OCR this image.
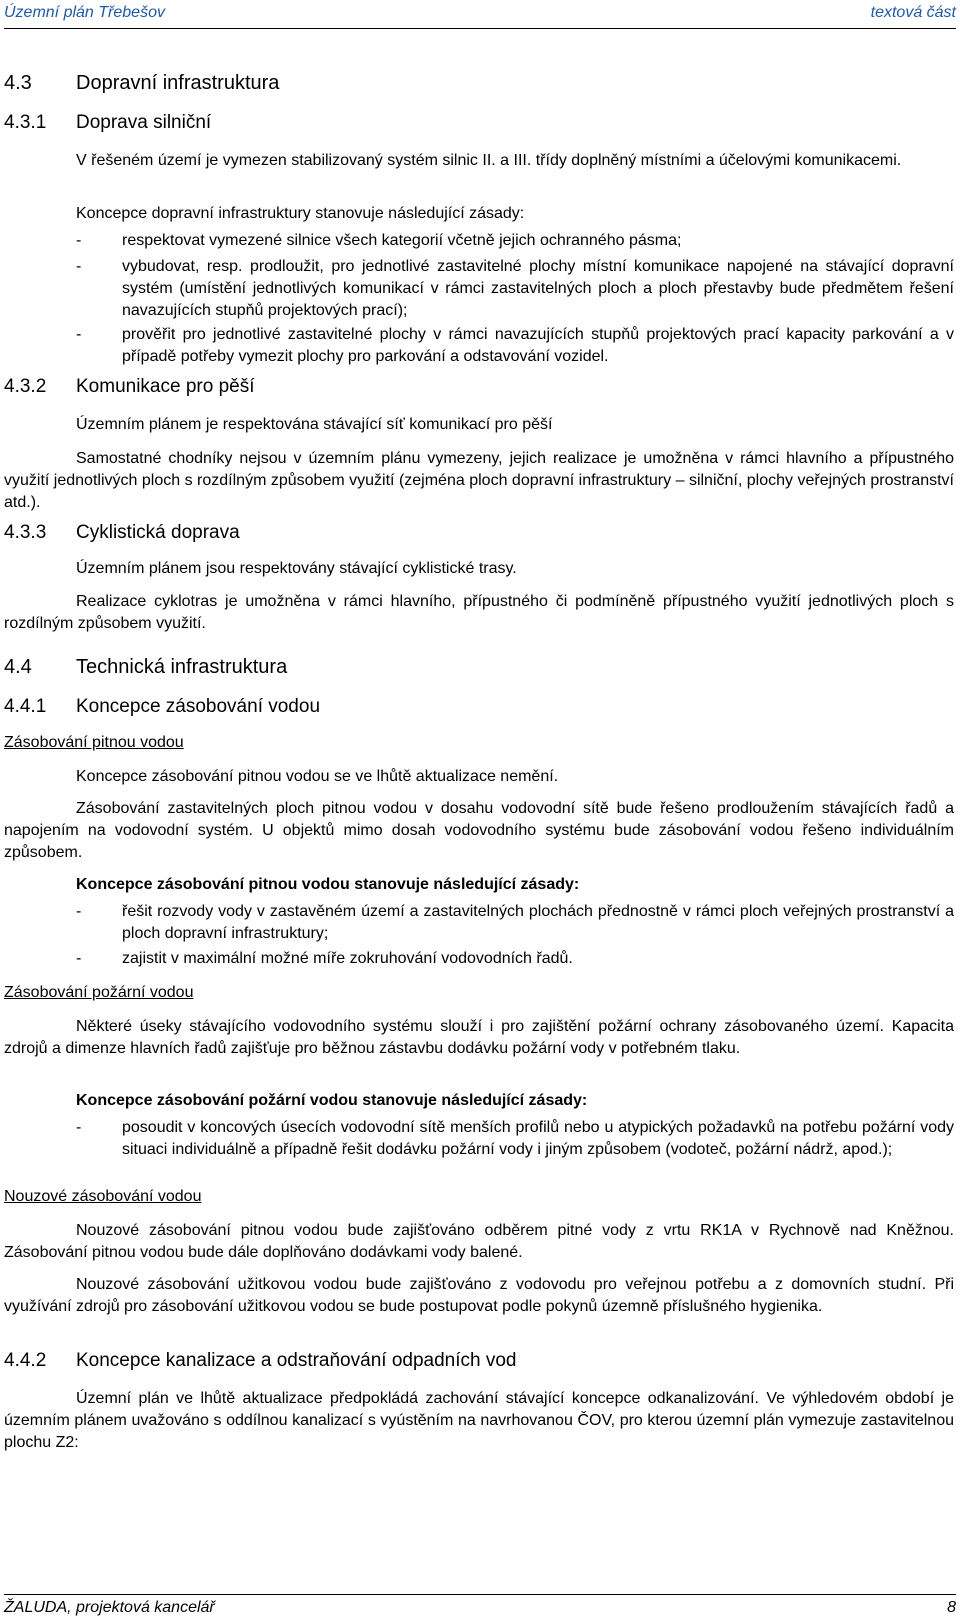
Územní plán Třebešov	textová část
4.3 Dopravní infrastruktura
4.3.1 Doprava silniční
V řešeném území je vymezen stabilizovaný systém silnic II. a III. třídy doplněný místními a účelovými komunikacemi.
Koncepce dopravní infrastruktury stanovuje následující zásady:
-	respektovat vymezené silnice všech kategorií včetně jejich ochranného pásma;
-	vybudovat, resp. prodloužit, pro jednotlivé zastavitelné plochy místní komunikace napojené na stávající dopravní systém (umístění jednotlivých komunikací v rámci zastavitelných ploch a ploch přestavby bude předmětem řešení navazujících stupňů projektových prací);
-	prověřit pro jednotlivé zastavitelné plochy v rámci navazujících stupňů projektových prací kapacity parkování a v případě potřeby vymezit plochy pro parkování a odstavování vozidel.
4.3.2 Komunikace pro pěší
Územním plánem je respektována stávající síť komunikací pro pěší
Samostatné chodníky nejsou v územním plánu vymezeny, jejich realizace je umožněna v rámci hlavního a přípustného využití jednotlivých ploch s rozdílným způsobem využití (zejména ploch dopravní infrastruktury – silniční, plochy veřejných prostranství atd.).
4.3.3 Cyklistická doprava
Územním plánem jsou respektovány stávající cyklistické trasy.
Realizace cyklotras je umožněna v rámci hlavního, přípustného či podmíněně přípustného využití jednotlivých ploch s rozdílným způsobem využití.
4.4 Technická infrastruktura
4.4.1 Koncepce zásobování vodou
Zásobování pitnou vodou
Koncepce zásobování pitnou vodou se ve lhůtě aktualizace nemění.
Zásobování zastavitelných ploch pitnou vodou v dosahu vodovodní sítě bude řešeno prodloužením stávajících řadů a napojením na vodovodní systém. U objektů mimo dosah vodovodního systému bude zásobování vodou řešeno individuálním způsobem.
Koncepce zásobování pitnou vodou stanovuje následující zásady:
-	řešit rozvody vody v zastavěném území a zastavitelných plochách přednostně v rámci ploch veřejných prostranství a ploch dopravní infrastruktury;
-	zajistit v maximální možné míře zokruhování vodovodních řadů.
Zásobování požární vodou
Některé úseky stávajícího vodovodního systému slouží i pro zajištění požární ochrany zásobovaného území. Kapacita zdrojů a dimenze hlavních řadů zajišťuje pro běžnou zástavbu dodávku požární vody v potřebném tlaku.
Koncepce zásobování požární vodou stanovuje následující zásady:
-	posoudit v koncových úsecích vodovodní sítě menších profilů nebo u atypických požadavků na potřebu požární vody situaci individuálně a případně řešit dodávku požární vody i jiným způsobem (vodoteč, požární nádrž, apod.);
Nouzové zásobování vodou
Nouzové zásobování pitnou vodou bude zajišťováno odběrem pitné vody z vrtu RK1A v Rychnově nad Kněžnou. Zásobování pitnou vodou bude dále doplňováno dodávkami vody balené.
Nouzové zásobování užitkovou vodou bude zajišťováno z vodovodu pro veřejnou potřebu a z domovních studní. Při využívání zdrojů pro zásobování užitkovou vodou se bude postupovat podle pokynů územně příslušného hygienika.
4.4.2 Koncepce kanalizace a odstraňování odpadních vod
Územní plán ve lhůtě aktualizace předpokládá zachování stávající koncepce odkanalizování. Ve výhledovém období je územním plánem uvažováno s oddílnou kanalizací s vyústěním na navrhovanou ČOV, pro kterou územní plán vymezuje zastavitelnou plochu Z2:
ŽALUDA, projektová kancelář	8
